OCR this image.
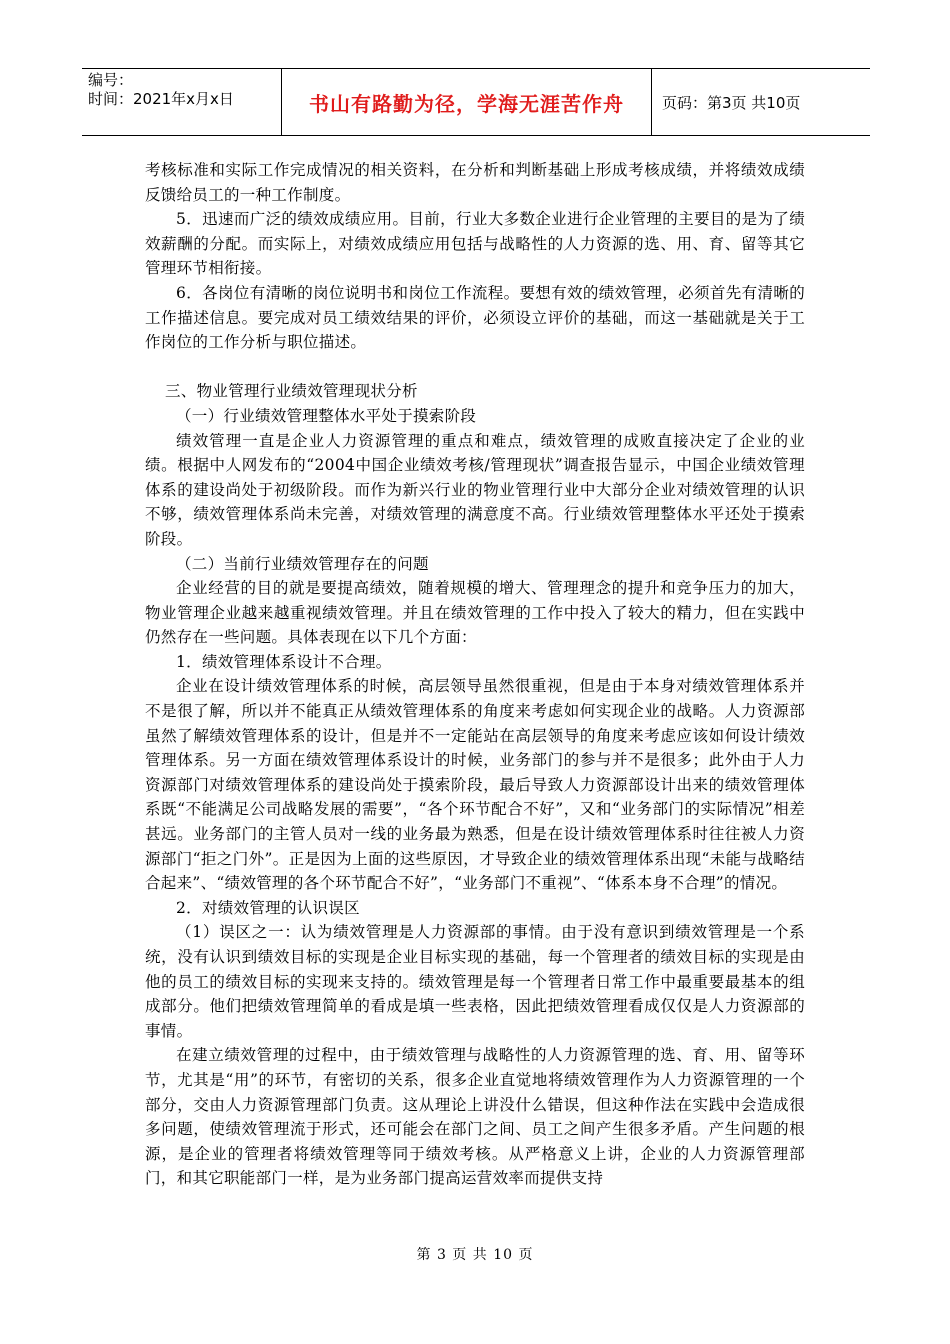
编号：
时间：2021年x月x日	书山有路勤为径，学海无涯苦作舟	页码：第3页 共10页

考核标准和实际工作完成情况的相关资料，在分析和判断基础上形成考核成绩，并将绩效成绩反馈给员工的一种工作制度。

5．迅速而广泛的绩效成绩应用。目前，行业大多数企业进行企业管理的主要目的是为了绩效薪酬的分配。而实际上，对绩效成绩应用包括与战略性的人力资源的选、用、育、留等其它管理环节相衔接。

6．各岗位有清晰的岗位说明书和岗位工作流程。要想有效的绩效管理，必须首先有清晰的工作描述信息。要完成对员工绩效结果的评价，必须设立评价的基础，而这一基础就是关于工作岗位的工作分析与职位描述。

三、物业管理行业绩效管理现状分析

（一）行业绩效管理整体水平处于摸索阶段

绩效管理一直是企业人力资源管理的重点和难点，绩效管理的成败直接决定了企业的业绩。根据中人网发布的“2004中国企业绩效考核/管理现状”调查报告显示，中国企业绩效管理体系的建设尚处于初级阶段。而作为新兴行业的物业管理行业中大部分企业对绩效管理的认识不够，绩效管理体系尚未完善，对绩效管理的满意度不高。行业绩效管理整体水平还处于摸索阶段。

（二）当前行业绩效管理存在的问题

企业经营的目的就是要提高绩效，随着规模的增大、管理理念的提升和竞争压力的加大，物业管理企业越来越重视绩效管理。并且在绩效管理的工作中投入了较大的精力，但在实践中仍然存在一些问题。具体表现在以下几个方面：

1．绩效管理体系设计不合理。

企业在设计绩效管理体系的时候，高层领导虽然很重视，但是由于本身对绩效管理体系并不是很了解，所以并不能真正从绩效管理体系的角度来考虑如何实现企业的战略。人力资源部虽然了解绩效管理体系的设计，但是并不一定能站在高层领导的角度来考虑应该如何设计绩效管理体系。另一方面在绩效管理体系设计的时候，业务部门的参与并不是很多；此外由于人力资源部门对绩效管理体系的建设尚处于摸索阶段，最后导致人力资源部设计出来的绩效管理体系既“不能满足公司战略发展的需要”，“各个环节配合不好”，又和“业务部门的实际情况”相差甚远。业务部门的主管人员对一线的业务最为熟悉，但是在设计绩效管理体系时往往被人力资源部门“拒之门外”。正是因为上面的这些原因，才导致企业的绩效管理体系出现“未能与战略结合起来”、“绩效管理的各个环节配合不好”，“业务部门不重视”、“体系本身不合理”的情况。

2．对绩效管理的认识误区

（1）误区之一：认为绩效管理是人力资源部的事情。由于没有意识到绩效管理是一个系统，没有认识到绩效目标的实现是企业目标实现的基础，每一个管理者的绩效目标的实现是由他的员工的绩效目标的实现来支持的。绩效管理是每一个管理者日常工作中最重要最基本的组成部分。他们把绩效管理简单的看成是填一些表格，因此把绩效管理看成仅仅是人力资源部的事情。

在建立绩效管理的过程中，由于绩效管理与战略性的人力资源管理的选、育、用、留等环节，尤其是“用”的环节，有密切的关系，很多企业直觉地将绩效管理作为人力资源管理的一个部分，交由人力资源管理部门负责。这从理论上讲没什么错误，但这种作法在实践中会造成很多问题，使绩效管理流于形式，还可能会在部门之间、员工之间产生很多矛盾。产生问题的根源，是企业的管理者将绩效管理等同于绩效考核。从严格意义上讲，企业的人力资源管理部门，和其它职能部门一样，是为业务部门提高运营效率而提供支持

第 3 页 共 10 页
